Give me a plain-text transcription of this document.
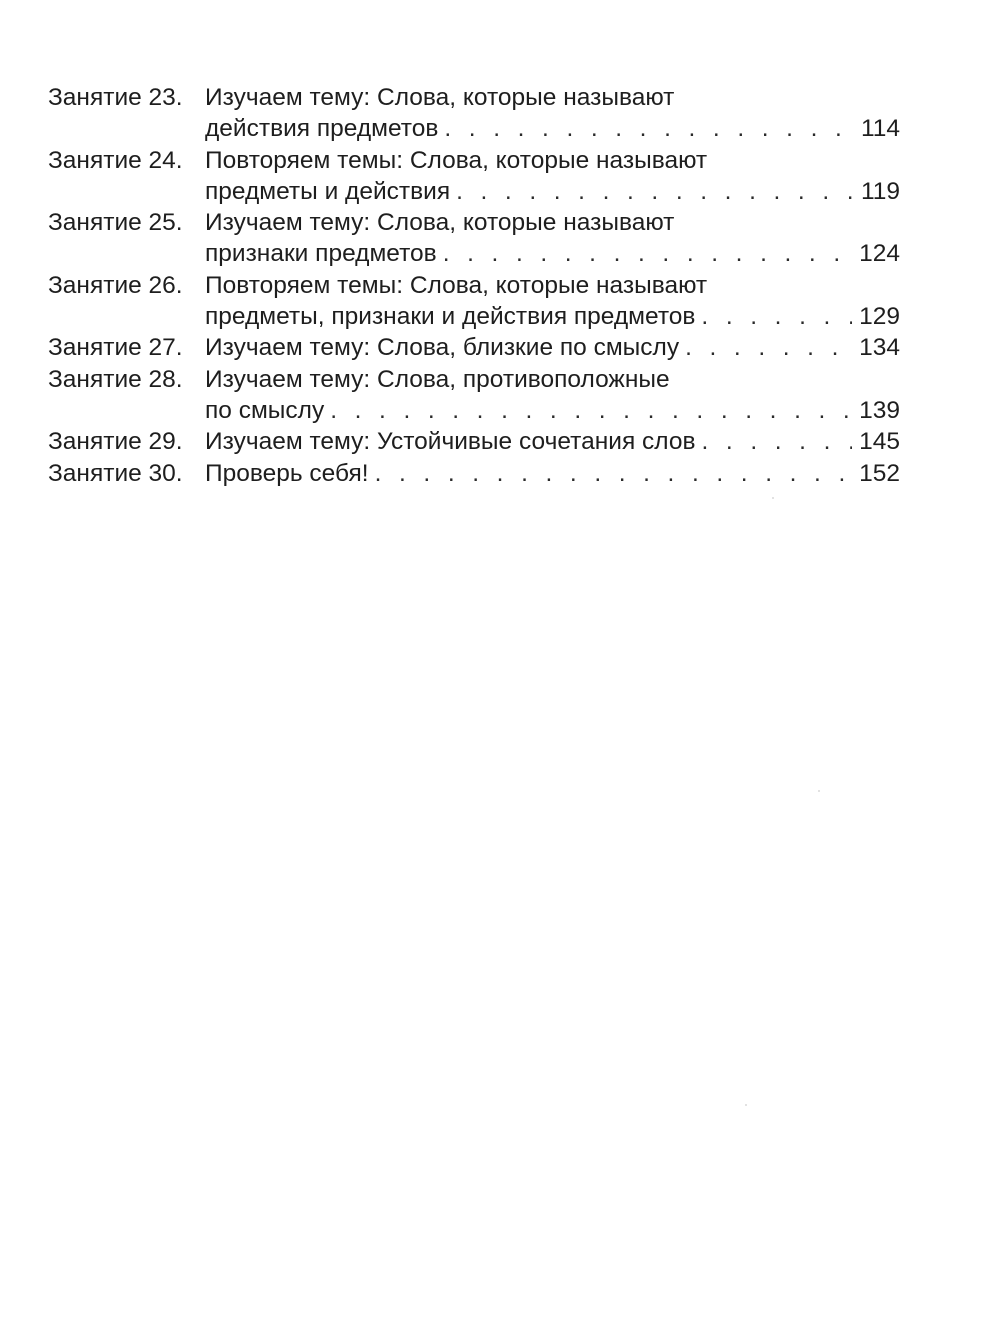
Занятие 23. Изучаем тему: Слова, которые называют
действия предметов . . .	114
Занятие 24. Повторяем темы: Слова, которые называют
предметы и действия . . .	119
Занятие 25. Изучаем тему: Слова, которые называют
признаки предметов . . .	124
Занятие 26. Повторяем темы: Слова, которые называют
предметы, признаки и действия предметов . . .	129
Занятие 27. Изучаем тему: Слова, близкие по смыслу . . .	134
Занятие 28. Изучаем тему: Слова, противоположные
по смыслу . . .	139
Занятие 29. Изучаем тему: Устойчивые сочетания слов . . .	145
Занятие 30. Проверь себя! . . .	152
